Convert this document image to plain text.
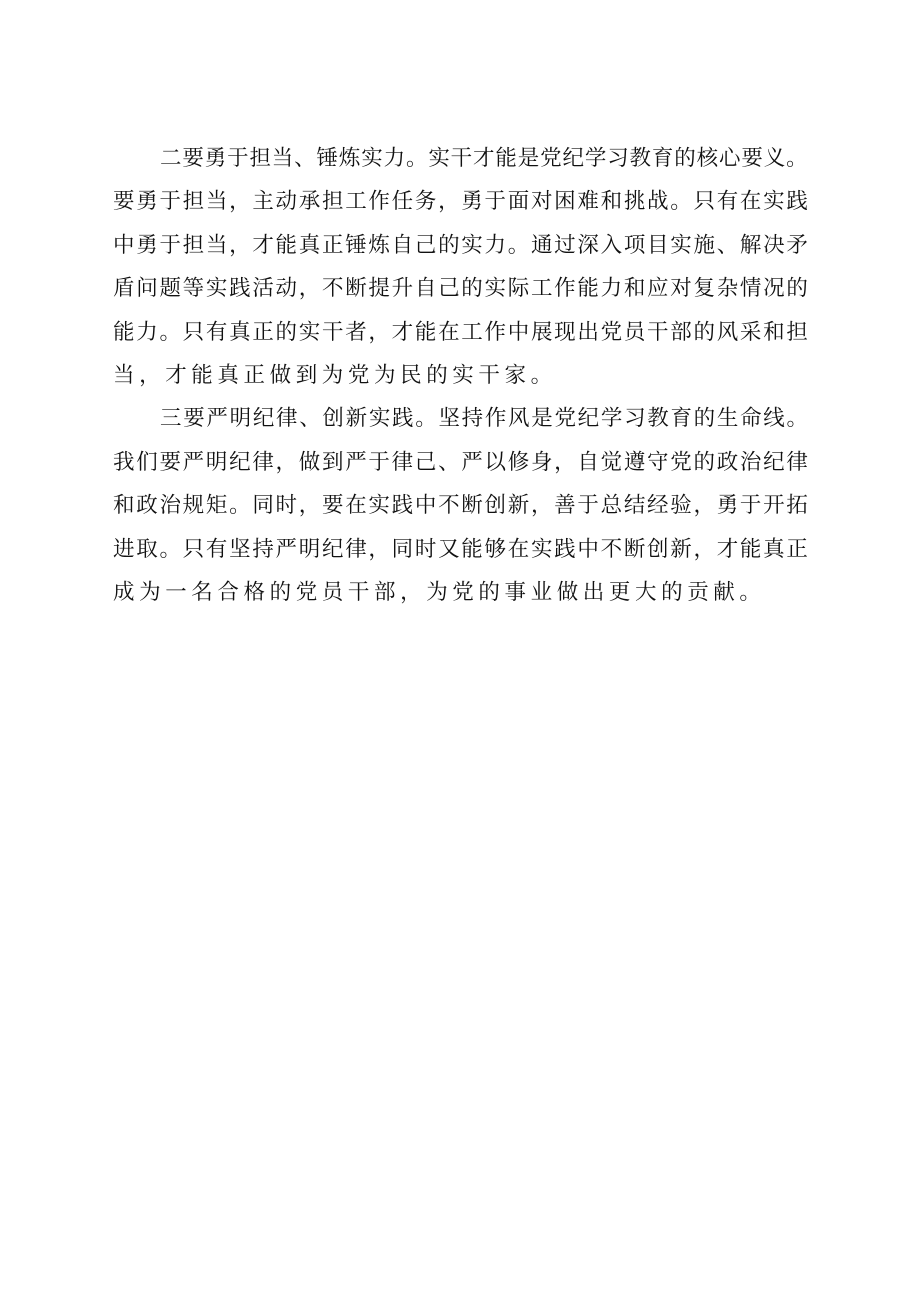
二 要 勇 于 担 当 、 锤 炼 实 力 。 实 干 才 能 是 党 纪 学 习 教 育 的 核 心 要 义 。
要 勇 于 担 当 ， 主 动 承 担 工 作 任 务 ， 勇 于 面 对 困 难 和 挑 战 。 只 有 在 实 践
中 勇 于 担 当 ， 才 能 真 正 锤 炼 自 己 的 实 力 。 通 过 深 入 项 目 实 施 、 解 决 矛
盾 问 题 等 实 践 活 动 ， 不 断 提 升 自 己 的 实 际 工 作 能 力 和 应 对 复 杂 情 况 的
能 力 。 只 有 真 正 的 实 干 者 ， 才 能 在 工 作 中 展 现 出 党 员 干 部 的 风 采 和 担
当，才能真正做到为党为民的实干家。
三 要 严 明 纪 律 、 创 新 实 践 。 坚 持 作 风 是 党 纪 学 习 教 育 的 生 命 线 。
我 们 要 严 明 纪 律 ， 做 到 严 于 律 己 、 严 以 修 身 ， 自 觉 遵 守 党 的 政 治 纪 律
和 政 治 规 矩 。 同 时 ， 要 在 实 践 中 不 断 创 新 ， 善 于 总 结 经 验 ， 勇 于 开 拓
进 取 。 只 有 坚 持 严 明 纪 律 ， 同 时 又 能 够 在 实 践 中 不 断 创 新 ， 才 能 真 正
成为一名合格的党员干部，为党的事业做出更大的贡献。
